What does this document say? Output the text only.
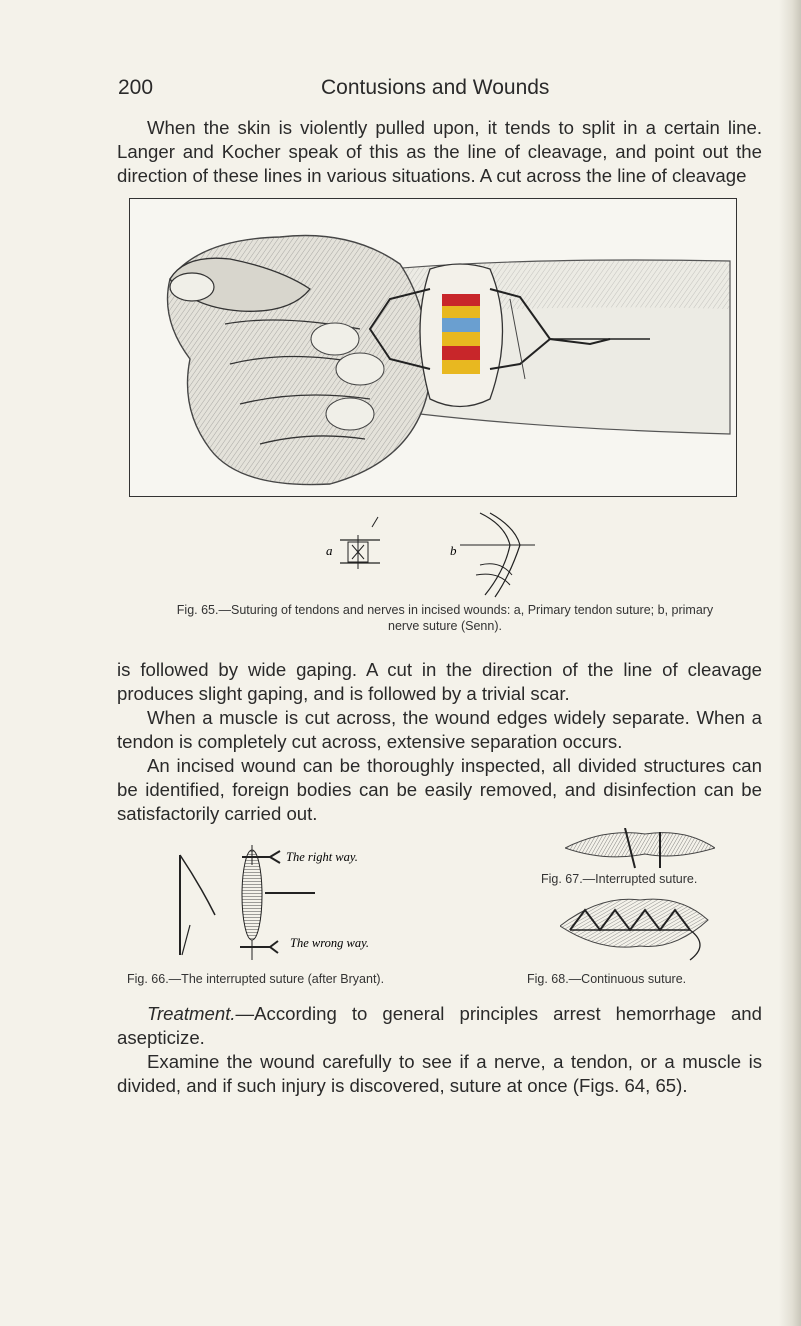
200	Contusions and Wounds

When the skin is violently pulled upon, it tends to split in a certain line. Langer and Kocher speak of this as the line of cleavage, and point out the direction of these lines in various situations. A cut across the line of cleavage

a	b
Fig. 65.—Suturing of tendons and nerves in incised wounds: a, Primary tendon suture; b, primary
nerve suture (Senn).

is followed by wide gaping. A cut in the direction of the line of cleavage produces slight gaping, and is followed by a trivial scar.

When a muscle is cut across, the wound edges widely separate. When a tendon is completely cut across, extensive separation occurs.

An incised wound can be thoroughly inspected, all divided structures can be identified, foreign bodies can be easily removed, and disinfection can be satisfactorily carried out.

The right way.
The wrong way.
Fig. 67.—Interrupted suture.
Fig. 66.—The interrupted suture (after Bryant).	Fig. 68.—Continuous suture.

Treatment.—According to general principles arrest hemorrhage and asepticize.

Examine the wound carefully to see if a nerve, a tendon, or a muscle is divided, and if such injury is discovered, suture at once (Figs. 64, 65).
